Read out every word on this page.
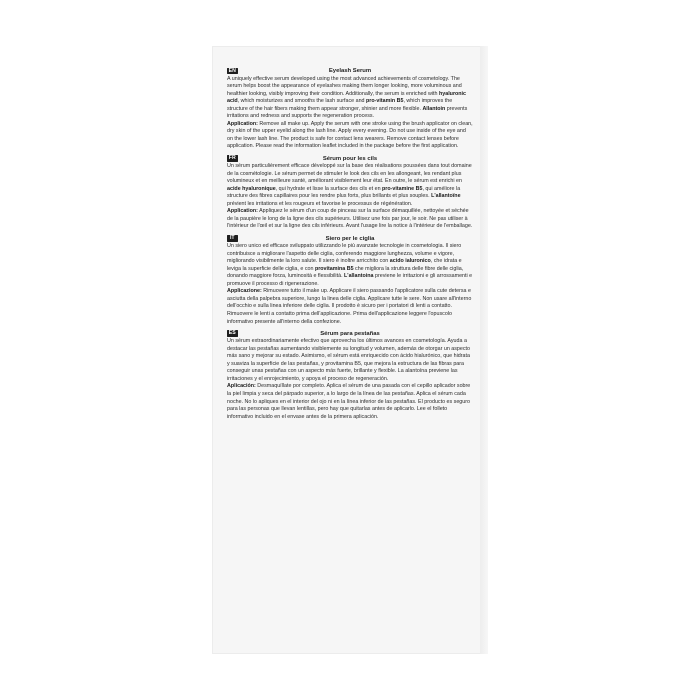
EN	Eyelash Serum

A uniquely effective serum developed using the most advanced achievements of cosmetology. The serum helps boost the appearance of eyelashes making them longer looking, more voluminous and healthier looking, visibly improving their condition. Additionally, the serum is enriched with hyaluronic acid, which moisturizes and smooths the lash surface and pro-vitamin B5, which improves the structure of the hair fibers making them appear stronger, shinier and more flexible. Allantoin prevents irritations and redness and supports the regeneration process.

Application: Remove all make up. Apply the serum with one stroke using the brush applicator on clean, dry skin of the upper eyelid along the lash line. Apply every evening. Do not use inside of the eye and on the lower lash line. The product is safe for contact lens wearers. Remove contact lenses before application. Please read the information leaflet included in the package before the first application.

FR	Sérum pour les cils

Un sérum particulièrement efficace développé sur la base des réalisations poussées dans tout domaine de la cosmétologie. Le sérum permet de stimuler le look des cils en les allongeant, les rendant plus volumineux et en meilleure santé, améliorant visiblement leur état. En outre, le sérum est enrichi en acide hyaluronique, qui hydrate et lisse la surface des cils et en pro-vitamine B5, qui améliore la structure des fibres capillaires pour les rendre plus forts, plus brillants et plus souples. L'allantoïne prévient les irritations et les rougeurs et favorise le processus de régénération.

Application: Appliquez le sérum d'un coup de pinceau sur la surface démaquillée, nettoyée et séchée de la paupière le long de la ligne des cils supérieurs. Utilisez une fois par jour, le soir. Ne pas utiliser à l'intérieur de l'œil et sur la ligne des cils inférieurs. Avant l'usage lire la notice à l'intérieur de l'emballage.

IT	Siero per le ciglia

Un siero unico ed efficace sviluppato utilizzando le più avanzate tecnologie in cosmetologia. Il siero contribuisce a migliorare l'aspetto delle ciglia, conferendo maggiore lunghezza, volume e vigore, migliorando visibilmente la loro salute. Il siero è inoltre arricchito con acido ialuronico, che idrata e leviga la superficie delle ciglia, e con provitamina B5 che migliora la struttura delle fibre delle ciglia, donando maggiore forza, luminosità e flessibilità. L'allantoina previene le irritazioni e gli arrossamenti e promuove il processo di rigenerazione.

Applicazione: Rimuovere tutto il make up. Applicare il siero passando l'applicatore sulla cute detersa e asciutta della palpebra superiore, lungo la linea delle ciglia. Applicare tutte le sere. Non usare all'interno dell'occhio e sulla linea inferiore delle ciglia. Il prodotto è sicuro per i portatori di lenti a contatto. Rimuovere le lenti a contatto prima dell'applicazione. Prima dell'applicazione leggere l'opuscolo informativo presente all'interno della confezione.

ES	Sérum para pestañas

Un sérum extraordinariamente efectivo que aprovecha los últimos avances en cosmetología. Ayuda a destacar las pestañas aumentando visiblemente su longitud y volumen, además de otorgar un aspecto más sano y mejorar su estado. Asimismo, el sérum está enriquecido con ácido hialurónico, que hidrata y suaviza la superficie de las pestañas, y provitamina B5, que mejora la estructura de las fibras para conseguir unas pestañas con un aspecto más fuerte, brillante y flexible. La alantoína previene las irritaciones y el enrojecimiento, y apoya el proceso de regeneración.

Aplicación: Desmaquíllate por completo. Aplica el sérum de una pasada con el cepillo aplicador sobre la piel limpia y seca del párpado superior, a lo largo de la línea de las pestañas. Aplica el sérum cada noche. No lo apliques en el interior del ojo ni en la línea inferior de las pestañas. El producto es seguro para las personas que llevan lentillas, pero hay que quitarlas antes de aplicarlo. Lee el folleto informativo incluido en el envase antes de la primera aplicación.
